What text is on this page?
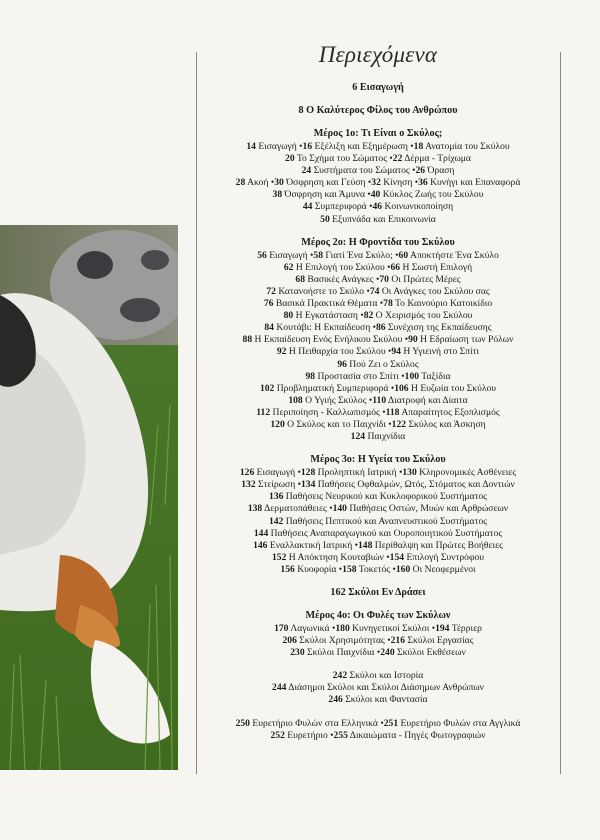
Περιεχόμενα
6 Εισαγωγή
8 Ο Καλύτερος Φίλος του Ανθρώπου
Μέρος 1ο: Τι Είναι ο Σκύλος;
14 Εισαγωγή •16 Εξέλιξη και Εξημέρωση •18 Ανατομία του Σκύλου
20 Το Σχήμα του Σώματος •22 Δέρμα - Τρίχωμα
24 Συστήματα του Σώματος •26 Όραση
28 Ακοή •30 Όσφρηση και Γεύση •32 Κίνηση •36 Κυνήγι και Επαναφορά
38 Όσφρηση και Άμυνα •40 Κύκλος Ζωής του Σκύλου
44 Συμπεριφορά •46 Κοινωνικοποίηση
50 Εξυπνάδα και Επικοινωνία
Μέρος 2ο: Η Φροντίδα του Σκύλου
56 Εισαγωγή •58 Γιατί Ένα Σκύλο; •60 Αποκτήστε Ένα Σκύλο
62 Η Επιλογή του Σκύλου •66 Η Σωστή Επιλογή
68 Βασικές Ανάγκες •70 Οι Πρώτες Μέρες
72 Κατανοήστε το Σκύλο •74 Οι Ανάγκες του Σκύλου σας
76 Βασικά Πρακτικά Θέματα •78 Το Καινούριο Κατοικίδιο
80 Η Εγκατάσταση •82 Ο Χειρισμός του Σκύλου
84 Κουτάβι: Η Εκπαίδευση •86 Συνέχιση της Εκπαίδευσης
88 Η Εκπαίδευση Ενός Ενήλικου Σκύλου •90 Η Εδραίωση των Ρόλων
92 Η Πειθαρχία του Σκύλου •94 Η Υγιεινή στο Σπίτι
96 Πού Ζει ο Σκύλος
98 Προστασία στο Σπίτι •100 Ταξίδια
102 Προβληματική Συμπεριφορά •106 Η Ευζωία του Σκύλου
108 Ο Υγιής Σκύλος •110 Διατροφή και Δίαιτα
112 Περιποίηση - Καλλωπισμός •118 Απαραίτητος Εξοπλισμός
120 Ο Σκύλος και το Παιχνίδι •122 Σκύλος και Άσκηση
124 Παιχνίδια
Μέρος 3ο: Η Υγεία του Σκύλου
126 Εισαγωγή •128 Προληπτική Ιατρική •130 Κληρονομικές Ασθένειες
132 Στείρωση •134 Παθήσεις Οφθαλμών, Ωτός, Στόματος και Δοντιών
136 Παθήσεις Νευρικού και Κυκλοφορικού Συστήματος
138 Δερματοπάθειες •140 Παθήσεις Οστών, Μυών και Αρθρώσεων
142 Παθήσεις Πεπτικού και Αναπνευστικού Συστήματος
144 Παθήσεις Αναπαραγωγικού και Ουροποιητικού Συστήματος
146 Εναλλακτική Ιατρική •148 Περίθαλψη και Πρώτες Βοήθειες
152 Η Απόκτηση Κουταβιών •154 Επιλογή Συντρόφου
156 Κυοφορία •158 Τοκετός •160 Οι Νεοφερμένοι
162 Σκύλοι Εν Δράσει
Μέρος 4ο: Οι Φυλές των Σκύλων
170 Λαγωνικά •180 Κυνηγετικοί Σκύλοι •194 Τέρριερ
206 Σκύλοι Χρησιμότητας •216 Σκύλοι Εργασίας
230 Σκύλοι Παιχνίδια •240 Σκύλοι Εκθέσεων
242 Σκύλοι και Ιστορία
244 Διάσημοι Σκύλοι και Σκύλοι Διάσημων Ανθρώπων
246 Σκύλοι και Φαντασία
250 Ευρετήριο Φυλών στα Ελληνικά •251 Ευρετήριο Φυλών στα Αγγλικά
252 Ευρετήριο •255 Δικαιώματα - Πηγές Φωτογραφιών
